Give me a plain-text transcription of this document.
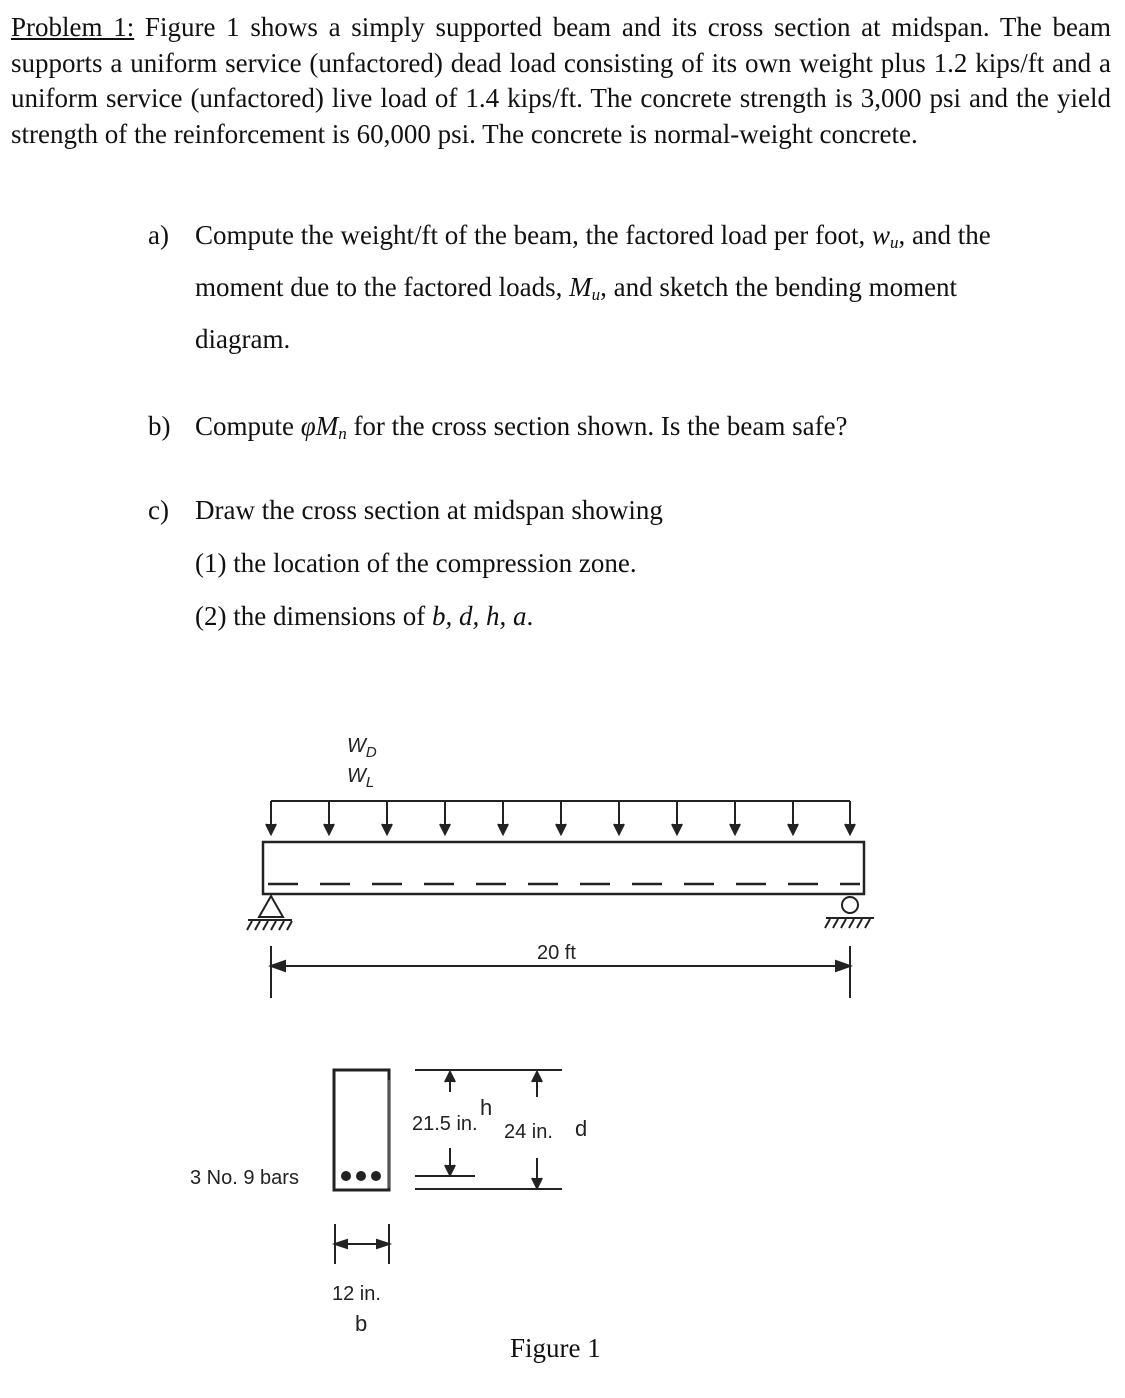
Problem 1: Figure 1 shows a simply supported beam and its cross section at midspan. The beam supports a uniform service (unfactored) dead load consisting of its own weight plus 1.2 kips/ft and a uniform service (unfactored) live load of 1.4 kips/ft. The concrete strength is 3,000 psi and the yield strength of the reinforcement is 60,000 psi. The concrete is normal-weight concrete.
a) Compute the weight/ft of the beam, the factored load per foot, $w_u$, and the
moment due to the factored loads, $M_u$, and sketch the bending moment
diagram.
b) Compute $\varphi M_n$ for the cross section shown. Is the beam safe?
c) Draw the cross section at midspan showing
(1) the location of the compression zone.
(2) the dimensions of b, d, h, a.
$W_D$
$W_L$
20 ft
21.5 in.
h
24 in. d
3 No. 9 bars
12 in.
b
Figure 1
